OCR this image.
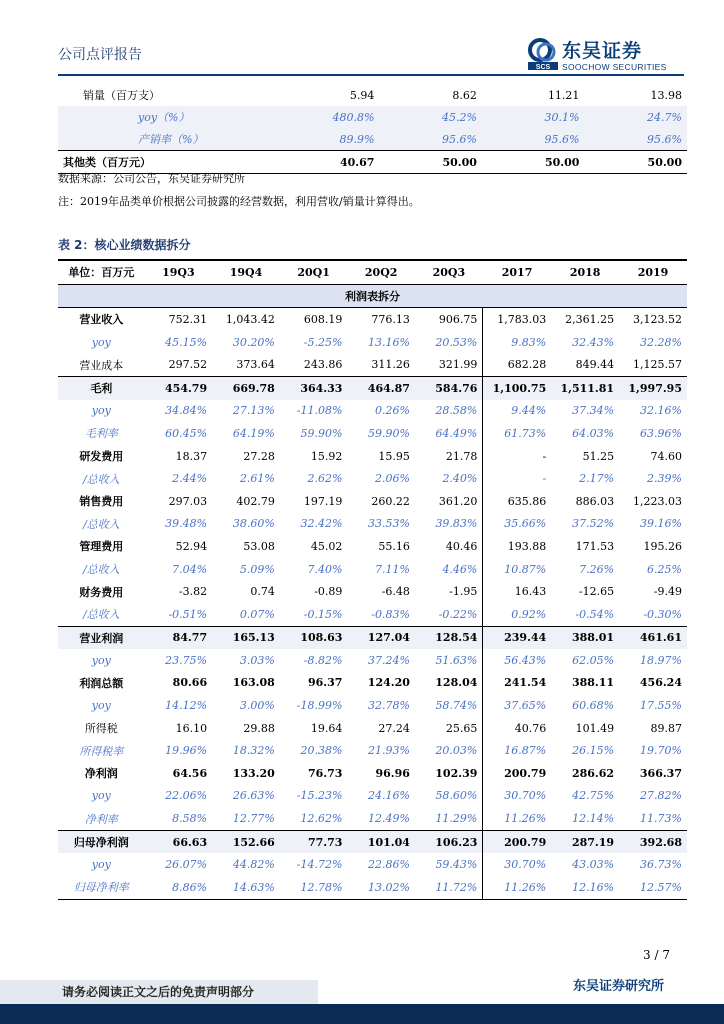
公司点评报告
SCS
东吴证券
SOOCHOW SECURITIES
销量（百万支）	5.94	8.62	11.21	13.98
yoy（%）	480.8%	45.2%	30.1%	24.7%
产销率（%）	89.9%	95.6%	95.6%	95.6%
其他类（百万元）	40.67	50.00	50.00	50.00
数据来源：公司公告，东吴证券研究所
注：2019年品类单价根据公司披露的经营数据，利用营收/销量计算得出。
表 2：核心业绩数据拆分
单位：百万元	19Q3	19Q4	20Q1	20Q2	20Q3	2017	2018	2019
利润表拆分								
营业收入	752.31	1,043.42	608.19	776.13	906.75	1,783.03	2,361.25	3,123.52
yoy	45.15%	30.20%	-5.25%	13.16%	20.53%	9.83%	32.43%	32.28%
营业成本	297.52	373.64	243.86	311.26	321.99	682.28	849.44	1,125.57
毛利	454.79	669.78	364.33	464.87	584.76	1,100.75	1,511.81	1,997.95
yoy	34.84%	27.13%	-11.08%	0.26%	28.58%	9.44%	37.34%	32.16%
毛利率	60.45%	64.19%	59.90%	59.90%	64.49%	61.73%	64.03%	63.96%
研发费用	18.37	27.28	15.92	15.95	21.78	-	51.25	74.60
/总收入	2.44%	2.61%	2.62%	2.06%	2.40%	-	2.17%	2.39%
销售费用	297.03	402.79	197.19	260.22	361.20	635.86	886.03	1,223.03
/总收入	39.48%	38.60%	32.42%	33.53%	39.83%	35.66%	37.52%	39.16%
管理费用	52.94	53.08	45.02	55.16	40.46	193.88	171.53	195.26
/总收入	7.04%	5.09%	7.40%	7.11%	4.46%	10.87%	7.26%	6.25%
财务费用	-3.82	0.74	-0.89	-6.48	-1.95	16.43	-12.65	-9.49
/总收入	-0.51%	0.07%	-0.15%	-0.83%	-0.22%	0.92%	-0.54%	-0.30%
营业利润	84.77	165.13	108.63	127.04	128.54	239.44	388.01	461.61
yoy	23.75%	3.03%	-8.82%	37.24%	51.63%	56.43%	62.05%	18.97%
利润总额	80.66	163.08	96.37	124.20	128.04	241.54	388.11	456.24
yoy	14.12%	3.00%	-18.99%	32.78%	58.74%	37.65%	60.68%	17.55%
所得税	16.10	29.88	19.64	27.24	25.65	40.76	101.49	89.87
所得税率	19.96%	18.32%	20.38%	21.93%	20.03%	16.87%	26.15%	19.70%
净利润	64.56	133.20	76.73	96.96	102.39	200.79	286.62	366.37
yoy	22.06%	26.63%	-15.23%	24.16%	58.60%	30.70%	42.75%	27.82%
净利率	8.58%	12.77%	12.62%	12.49%	11.29%	11.26%	12.14%	11.73%
归母净利润	66.63	152.66	77.73	101.04	106.23	200.79	287.19	392.68
yoy	26.07%	44.82%	-14.72%	22.86%	59.43%	30.70%	43.03%	36.73%
归母净利率	8.86%	14.63%	12.78%	13.02%	11.72%	11.26%	12.16%	12.57%
3 / 7
请务必阅读正文之后的免责声明部分	东吴证券研究所
